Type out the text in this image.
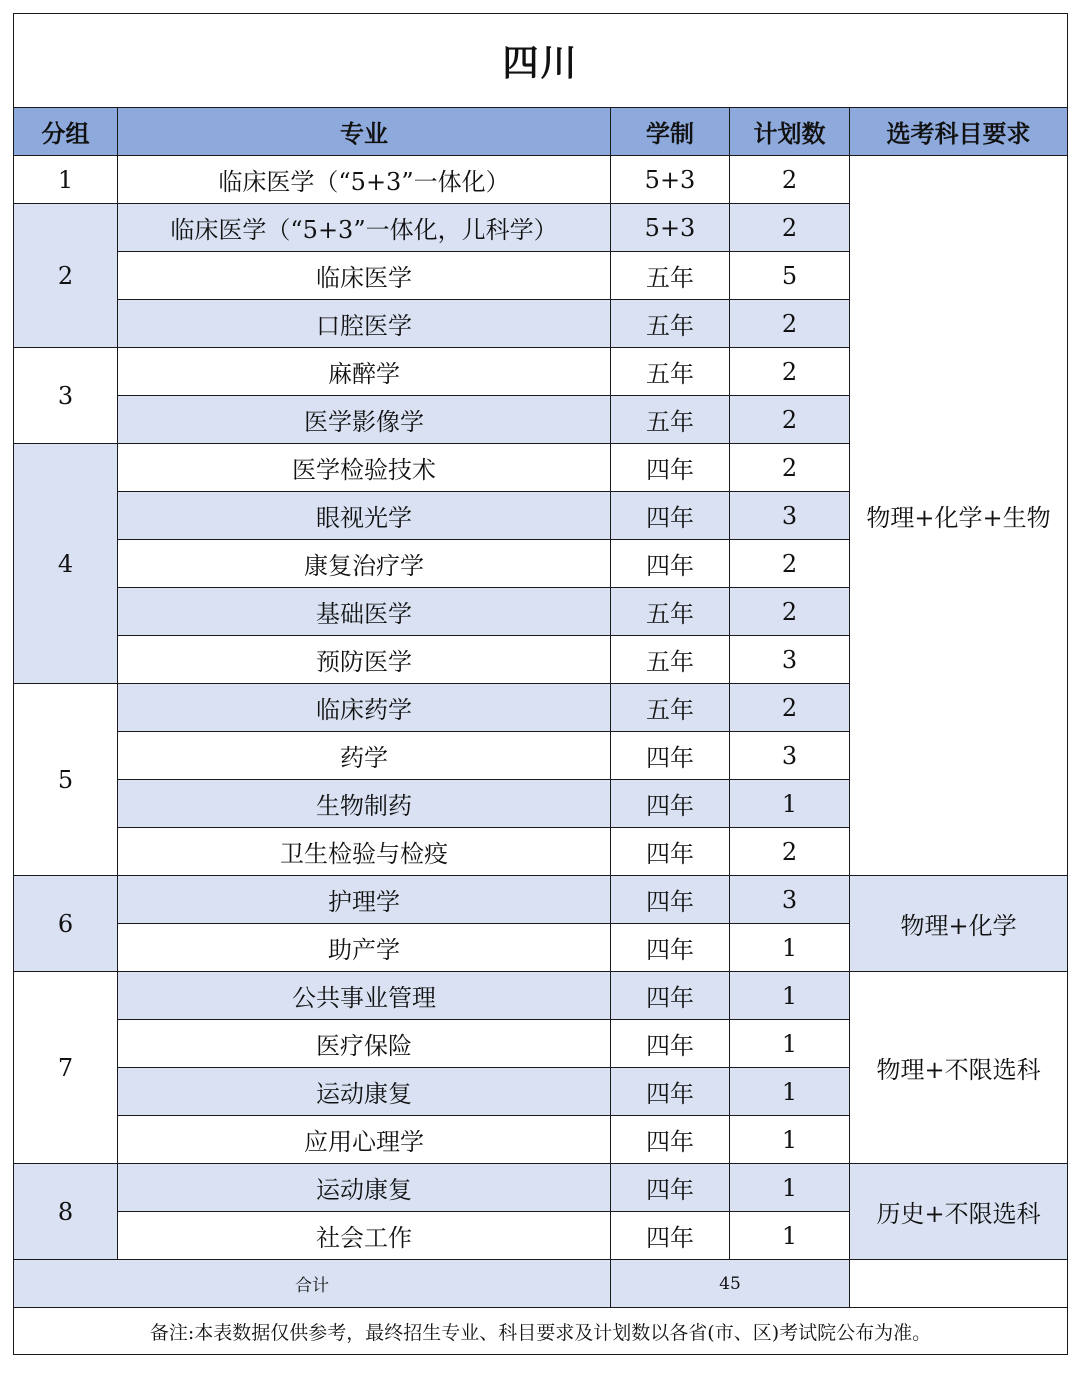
四川				
分组	专业	学制	计划数	选考科目要求
1	临床医学（“5+3”一体化）	5+3	2	物理+化学+生物
2	临床医学（“5+3”一体化，儿科学）	5+3	2	
	临床医学	五年	5	
	口腔医学	五年	2	
3	麻醉学	五年	2	
	医学影像学	五年	2	
4	医学检验技术	四年	2	
	眼视光学	四年	3	
	康复治疗学	四年	2	
	基础医学	五年	2	
	预防医学	五年	3	
5	临床药学	五年	2	
	药学	四年	3	
	生物制药	四年	1	
	卫生检验与检疫	四年	2	
6	护理学	四年	3	物理+化学
	助产学	四年	1	
7	公共事业管理	四年	1	物理+不限选科
	医疗保险	四年	1	
	运动康复	四年	1	
	应用心理学	四年	1	
8	运动康复	四年	1	历史+不限选科
	社会工作	四年	1	
合计		45		
备注:本表数据仅供参考，最终招生专业、科目要求及计划数以各省(市、区)考试院公布为准。				
